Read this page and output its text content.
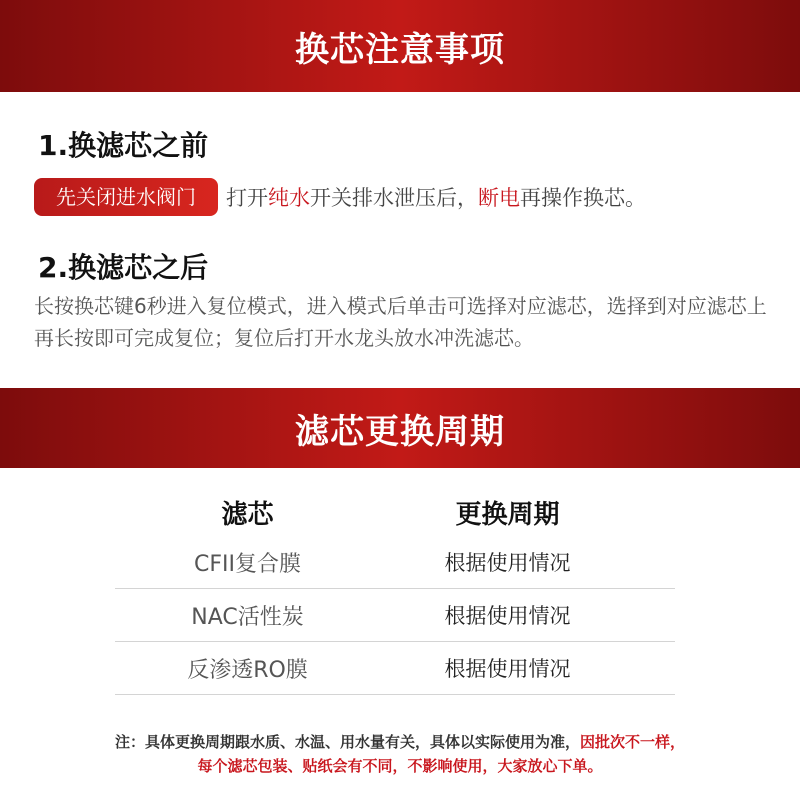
换芯注意事项
1.换滤芯之前
先关闭进水阀门	打开 纯水 开关排水泄压后， 断电 再操作换芯。
2.换滤芯之后

长按换芯键6秒进入复位模式，进入模式后单击可选择对应滤芯，选择到对应滤芯上再长按即可完成复位；复位后打开水龙头放水冲洗滤芯。

滤芯更换周期
滤芯	更换周期
CFII复合膜	根据使用情况
NAC活性炭	根据使用情况
反渗透RO膜	根据使用情况
注：具体更换周期跟水质、水温、用水量有关，具体以实际使用为准，因批次不一样，
每个滤芯包装、贴纸会有不同，不影响使用，大家放心下单。
